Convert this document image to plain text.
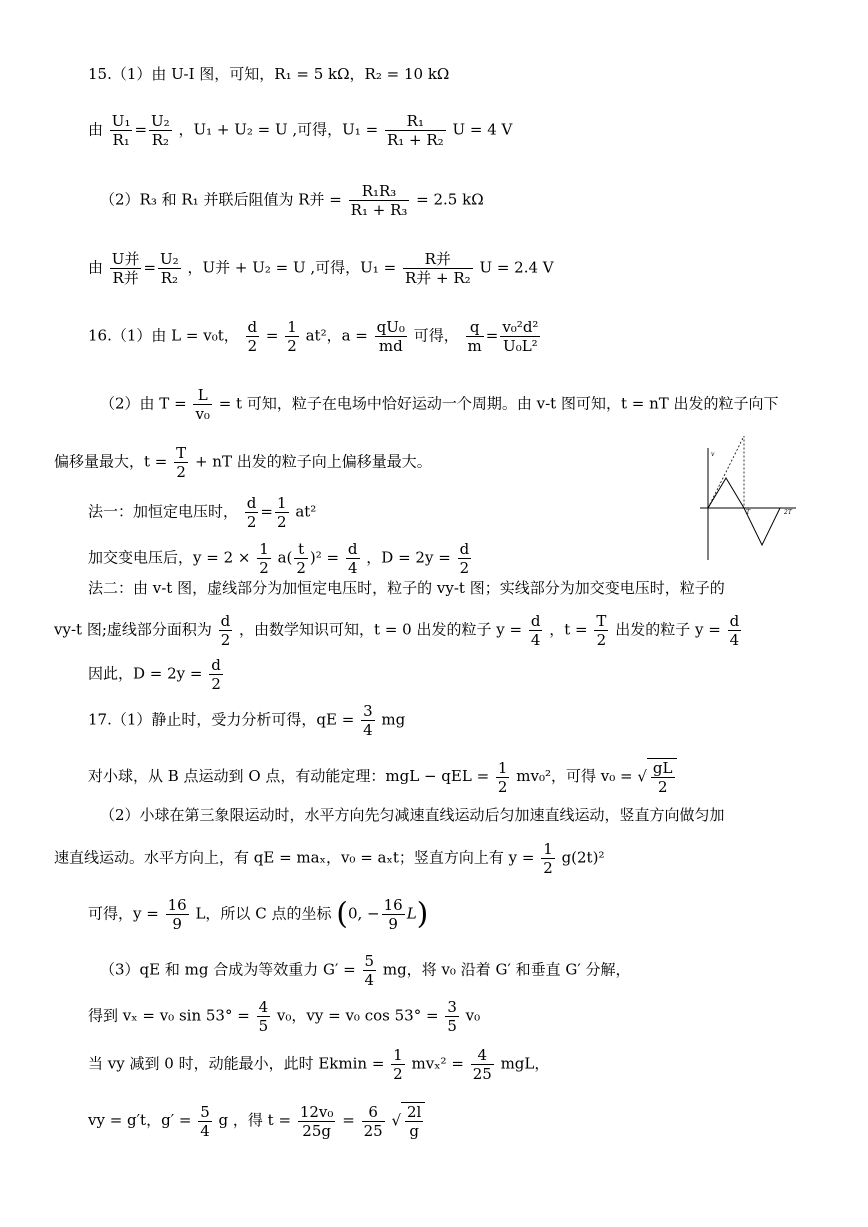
15.（1）由 U-I 图，可知，R₁ = 5 kΩ，R₂ = 10 kΩ
由 $\frac{\text{U₁}}{\text{R₁}} = \frac{\text{U₂}}{\text{R₂}}$ ，U₁ + U₂ = U ,可得，$U_1 = \frac{\text{R₁}}{\text{R₁ + R₂}}$ U = 4 V
（2）R₃ 和 R₁ 并联后阻值为 R并 = $\frac{\text{R₁R₃}}{\text{R₁ + R₃}} = 2.5$ kΩ
由 $\frac{\text{U并}}{\text{R并}} = \frac{\text{U₂}}{\text{R₂}}$ ，U并 + U₂ = U ,可得，$U_1 = \frac{\text{R并}}{\text{R并 + R₂}}$ U = 2.4 V
16.（1）由 L = v₀t， $\frac{d}{2} = \frac{1}{2} at^2$，$a = \frac{\text{qU₀}}{md}$ 可得， $\frac{q}{m} = \frac{\text{v₀²d²}}{\text{U₀L²}}$
（2）由 $T = \frac{L}{\text{v₀}} = t$ 可知，粒子在电场中恰好运动一个周期。由 v-t 图可知，t = nT 出发的粒子向下
偏移量最大，$t = \frac{T}{2}$ + nT 出发的粒子向上偏移量最大。
法一：加恒定电压时， $\frac{d}{2} = \frac{1}{2} at^2$
加交变电压后，$y = 2 \times \frac{1}{2} a( \frac{t}{2} )^2 = \frac{d}{4}$ ，$D = 2y = \frac{d}{2}$
法二：由 v-t 图，虚线部分为加恒定电压时，粒子的 vy-t 图；实线部分为加交变电压时，粒子的
vy-t 图;虚线部分面积为 $\frac{d}{2}$ ，由数学知识可知，t = 0 出发的粒子 $y = \frac{d}{4}$ ，$t = \frac{T}{2}$ 出发的粒子 $y = \frac{d}{4}$
因此，$D = 2y = \frac{d}{2}$
v
T	2T
17.（1）静止时，受力分析可得，qE = $\frac{3}{4}$ mg
对小球，从 B 点运动到 O 点，有动能定理：mgL − qEL = $\frac{1}{2} mv_0^2$，可得 v₀ = √ $\frac{gL}{2}$
（2）小球在第三象限运动时，水平方向先匀减速直线运动后匀加速直线运动，竖直方向做匀加
速直线运动。水平方向上，有 qE = maₓ，v₀ = aₓt；竖直方向上有 $y = \frac{1}{2} g(2t)^2$
可得，$y = \frac{16}{9}$ L，所以 C 点的坐标 (0, − $\frac{16}{9} L$)
（3）qE 和 mg 合成为等效重力 $G' = \frac{5}{4}$ mg，将 v₀ 沿着 G′ 和垂直 G′ 分解，
得到 vₓ = v₀ $\sin 53^\circ = \frac{4}{5} v_0$，vy = v₀ $\cos 53^\circ = \frac{3}{5} v_0$
当 vy 减到 0 时，动能最小，此时 $Ekmin = \frac{1}{2} mv_x^2 = \frac{4}{25}$ mgL，
vy = g′t，$g' = \frac{5}{4}$ g ，得 $t = \frac{\text{12v₀}}{25g} = \frac{6}{25}$ √ $\frac{2l}{g}$
